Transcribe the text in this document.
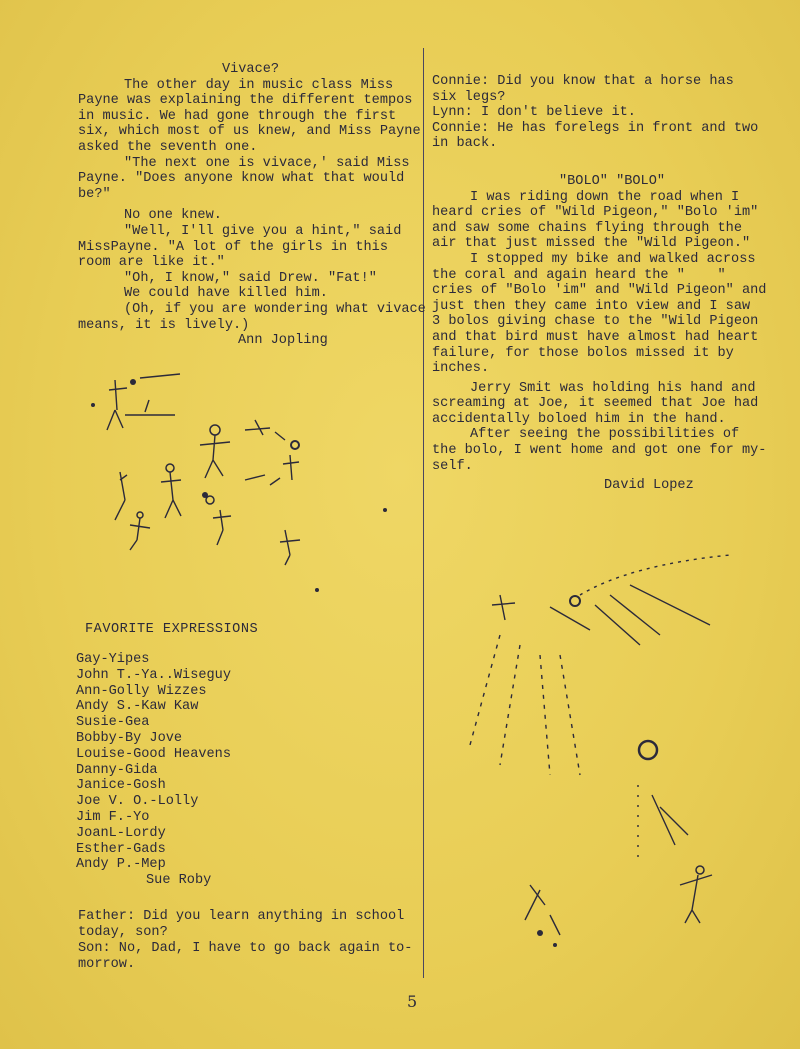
Vivace?

The other day in music class Miss

Payne was explaining the different tempos

in music. We had gone through the first

six, which most of us knew, and Miss Payne

asked the seventh one.

"The next one is vivace,' said Miss

Payne. "Does anyone know what that would

be?"

No one knew.

"Well, I'll give you a hint," said

MissPayne. "A lot of the girls in this

room are like it."

"Oh, I know," said Drew. "Fat!"

We could have killed him.

(Oh, if you are wondering what vivace

means, it is lively.)

Ann Jopling

FAVORITE EXPRESSIONS
Gay-Yipes
John T.-Ya..Wiseguy
Ann-Golly Wizzes
Andy S.-Kaw Kaw
Susie-Gea
Bobby-By Jove
Louise-Good Heavens
Danny-Gida
Janice-Gosh
Joe V. O.-Lolly
Jim F.-Yo
JoanL-Lordy
Esther-Gads
Andy P.-Mep
Sue Roby

Father: Did you learn anything in school

today, son?

Son: No, Dad, I have to go back again to-

morrow.

Connie: Did you know that a horse has

six legs?

Lynn: I don't believe it.

Connie: He has forelegs in front and two

in back.

"BOLO" "BOLO"

I was riding down the road when I

heard cries of "Wild Pigeon," "Bolo 'im"

and saw some chains flying through the

air that just missed the "Wild Pigeon."

I stopped my bike and walked across

the coral and again heard the "    "

cries of "Bolo 'im" and "Wild Pigeon" and

just then they came into view and I saw

3 bolos giving chase to the "Wild Pigeon

and that bird must have almost had heart

failure, for those bolos missed it by

inches.

Jerry Smit was holding his hand and

screaming at Joe, it seemed that Joe had

accidentally boloed him in the hand.

After seeing the possibilities of

the bolo, I went home and got one for my-

self.

David Lopez

5
